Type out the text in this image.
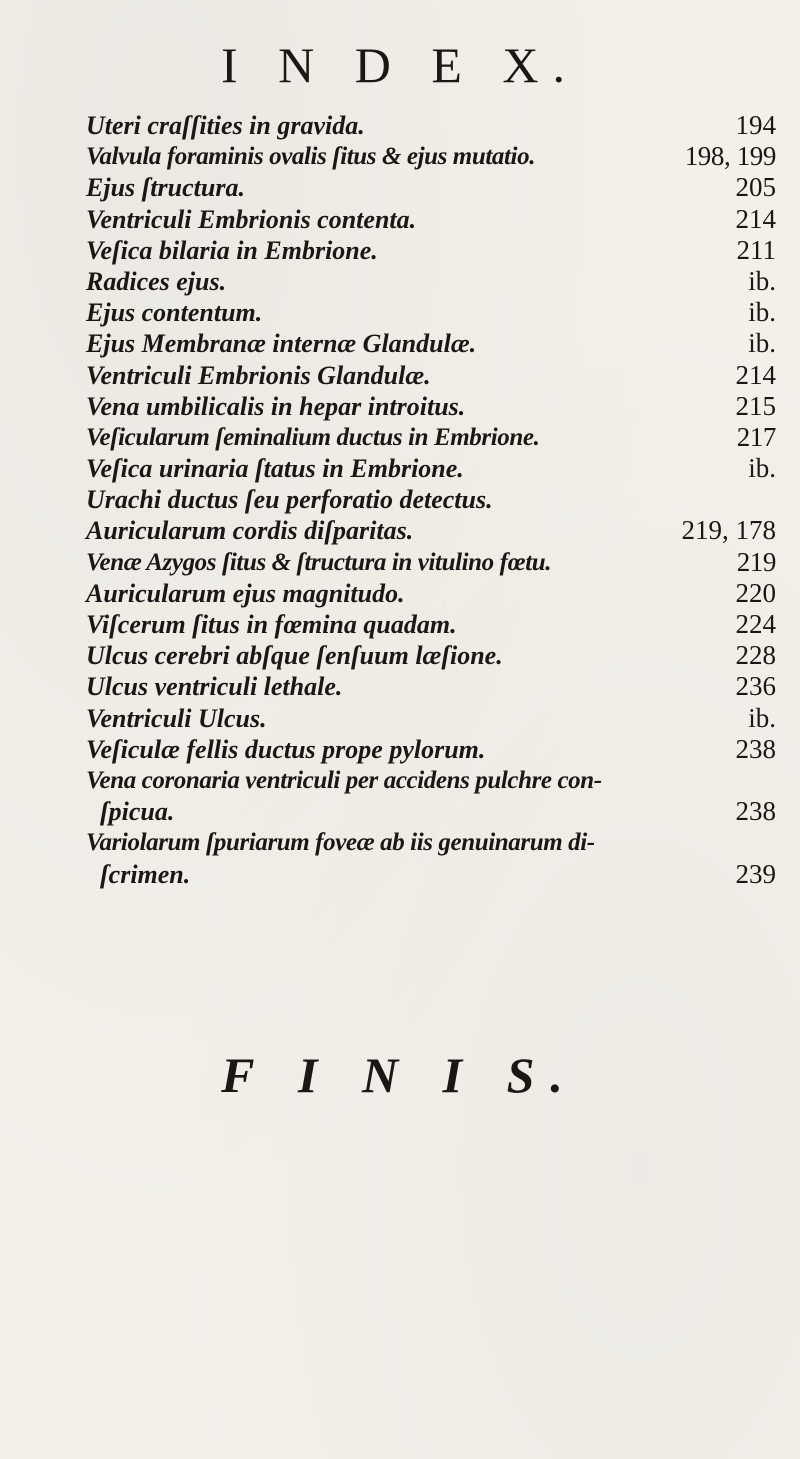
I N D E X.
Uteri craſſities in gravida.	194
Valvula foraminis ovalis ſitus & ejus mutatio.	198, 199
Ejus ſtructura.	205
Ventriculi Embrionis contenta.	214
Veſica bilaria in Embrione.	211
Radices ejus.	ib.
Ejus contentum.	ib.
Ejus Membranæ internæ Glandulæ.	ib.
Ventriculi Embrionis Glandulæ.	214
Vena umbilicalis in hepar introitus.	215
Veſicularum ſeminalium ductus in Embrione.	217
Veſica urinaria ſtatus in Embrione.	ib.
Urachi ductus ſeu perforatio detectus.
Auricularum cordis diſparitas.	219, 178
Venæ Azygos ſitus & ſtructura in vitulino fœtu.	219
Auricularum ejus magnitudo.	220
Viſcerum ſitus in fœmina quadam.	224
Ulcus cerebri abſque ſenſuum læſione.	228
Ulcus ventriculi lethale.	236
Ventriculi Ulcus.	ib.
Veſiculæ fellis ductus prope pylorum.	238
Vena coronaria ventriculi per accidens pulchre con-
ſpicua.	238
Variolarum ſpuriarum foveæ ab iis genuinarum di-
ſcrimen.	239
F I N I S.
